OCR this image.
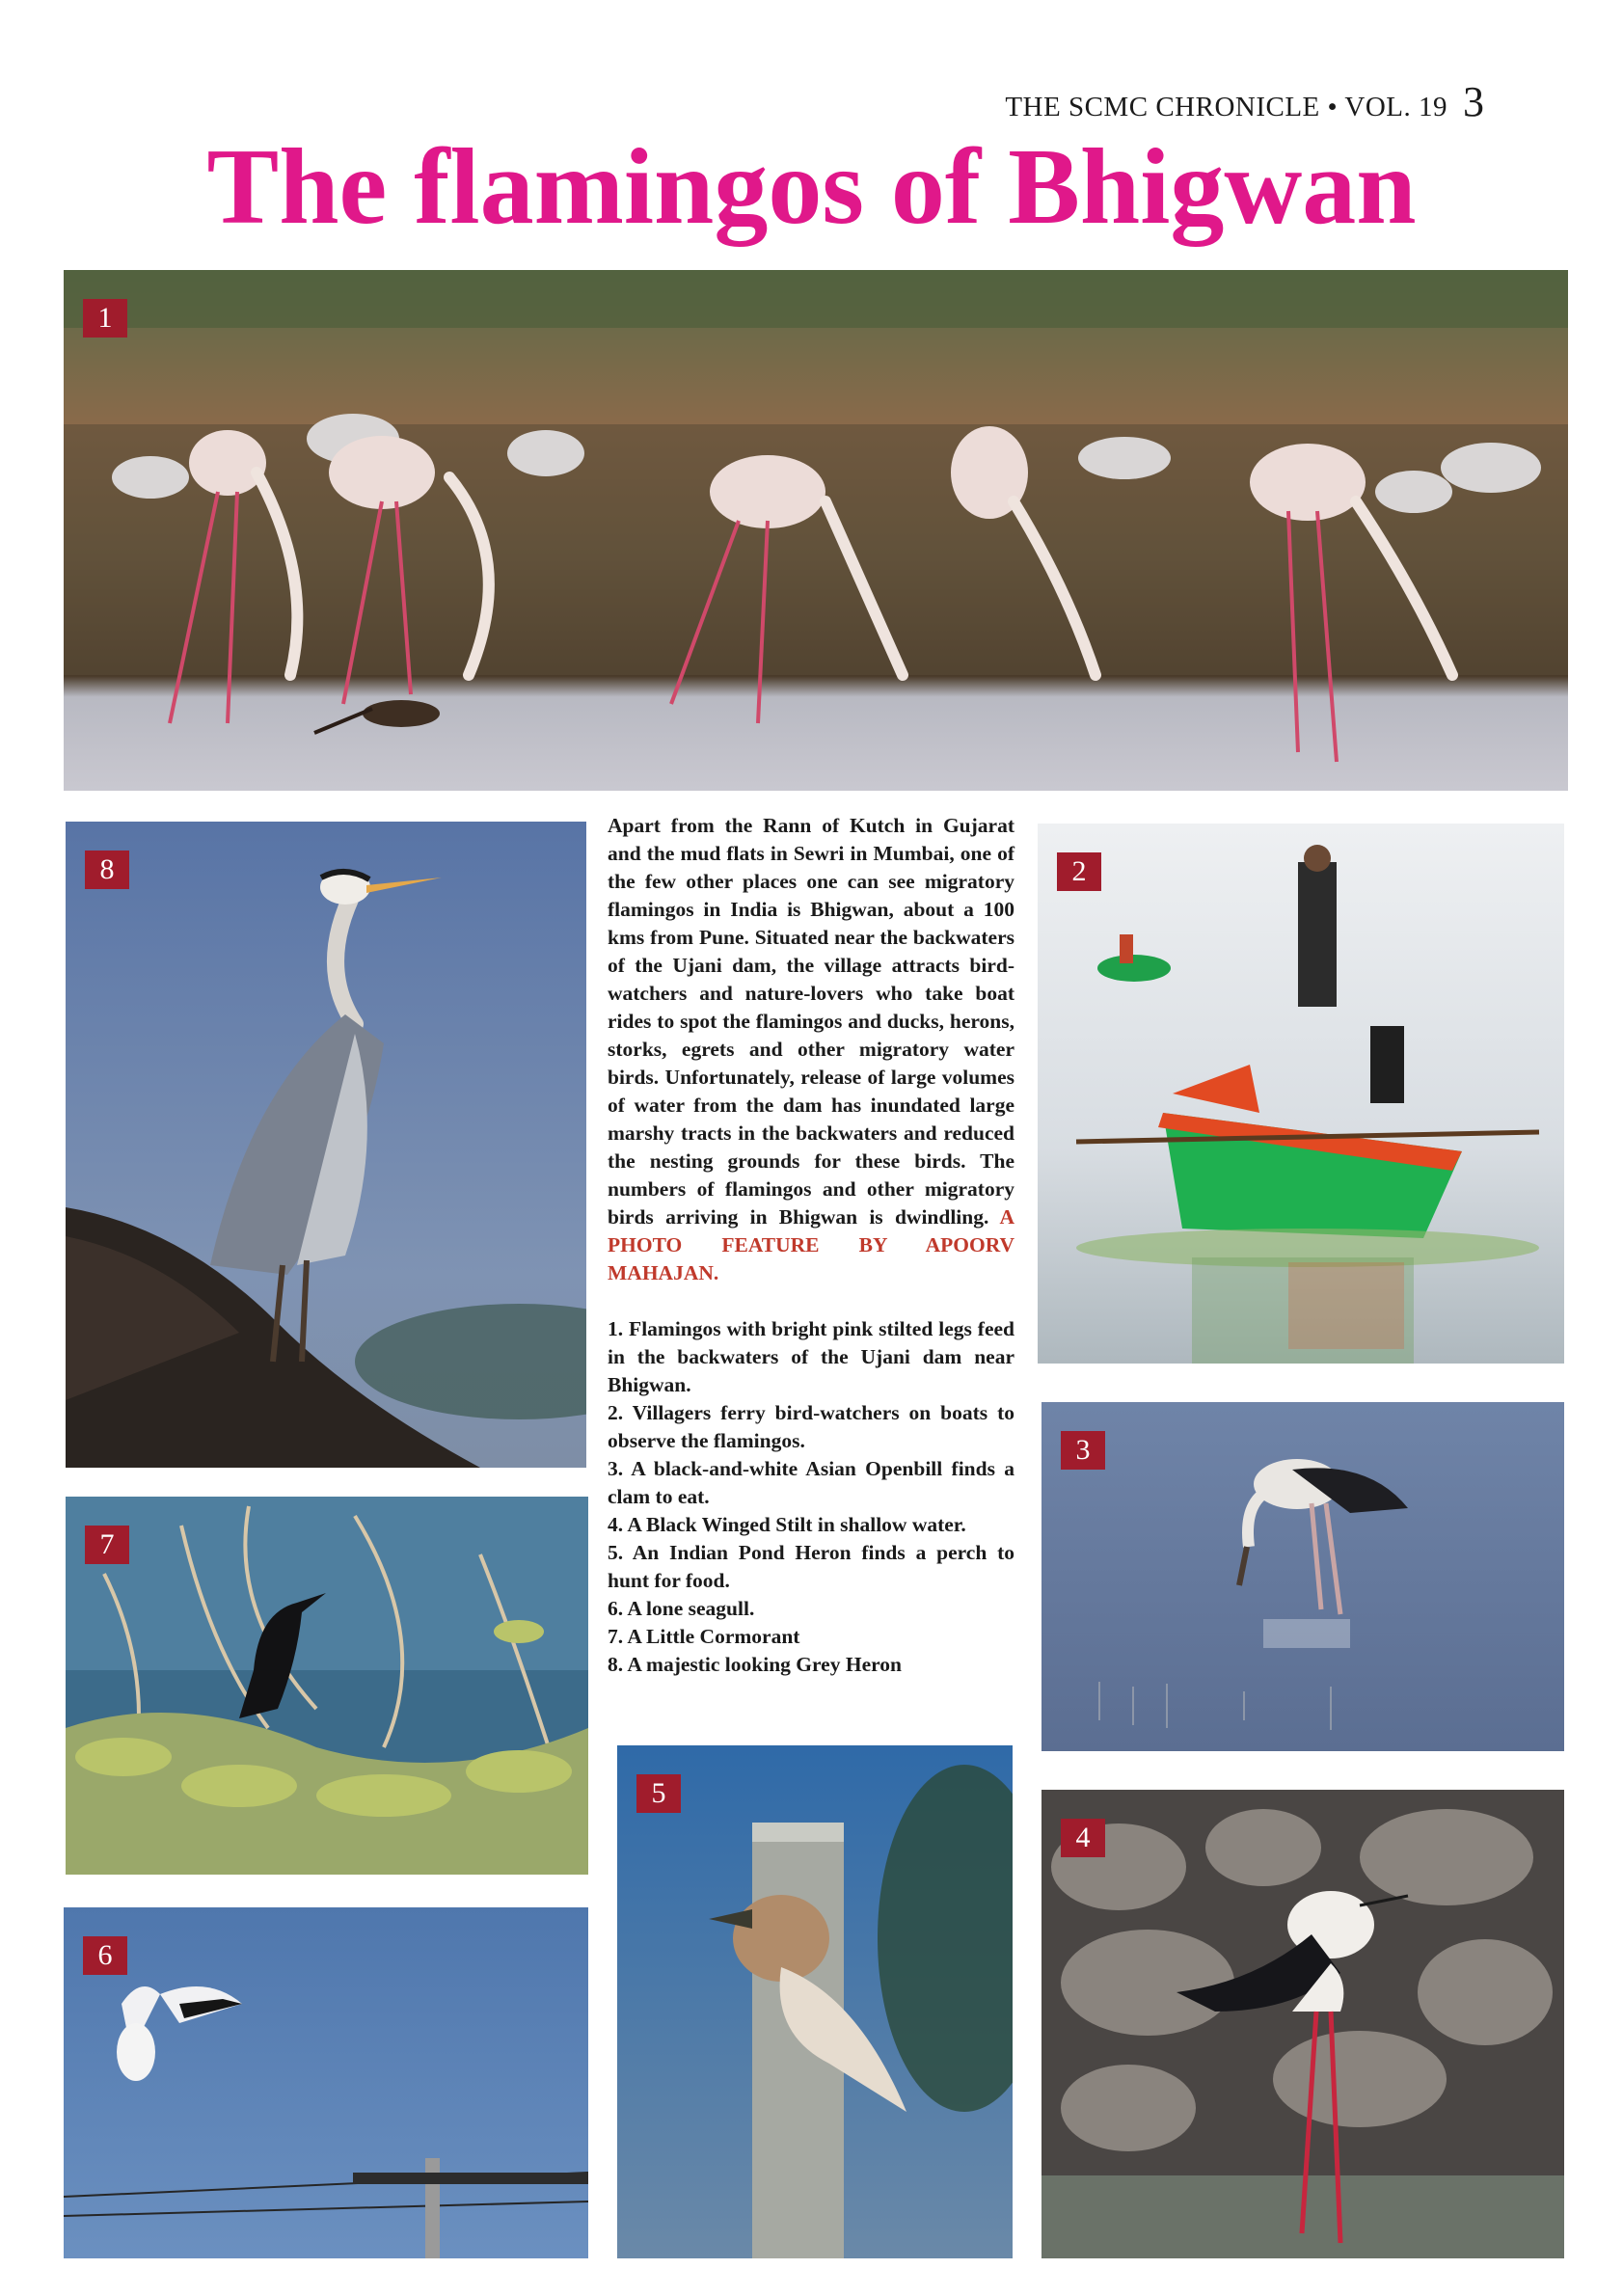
THE SCMC CHRONICLE • VOL. 19 3
The flamingos of Bhigwan
1
8

Apart from the Rann of Kutch in Gujarat and the mud flats in Sewri in Mumbai, one of the few other places one can see migratory flamingos in India is Bhigwan, about a 100 kms from Pune. Situated near the backwaters of the Ujani dam, the village attracts bird-watchers and nature-lovers who take boat rides to spot the flamingos and ducks, herons, storks, egrets and other migratory water birds. Unfortunately, release of large volumes of water from the dam has inundated large marshy tracts in the backwaters and reduced the nesting grounds for these birds. The numbers of flamingos and other migratory birds arriving in Bhigwan is dwindling. A PHOTO FEATURE BY APOORV MAHAJAN.

1. Flamingos with bright pink stilted legs feed in the backwaters of the Ujani dam near Bhigwan.

2. Villagers ferry bird-watchers on boats to observe the flamingos.

3. A black-and-white Asian Openbill finds a clam to eat.

4. A Black Winged Stilt in shallow water.

5. An Indian Pond Heron finds a perch to hunt for food.

6. A lone seagull.

7. A Little Cormorant

8. A majestic looking Grey Heron

2
3
7
5
4
6
